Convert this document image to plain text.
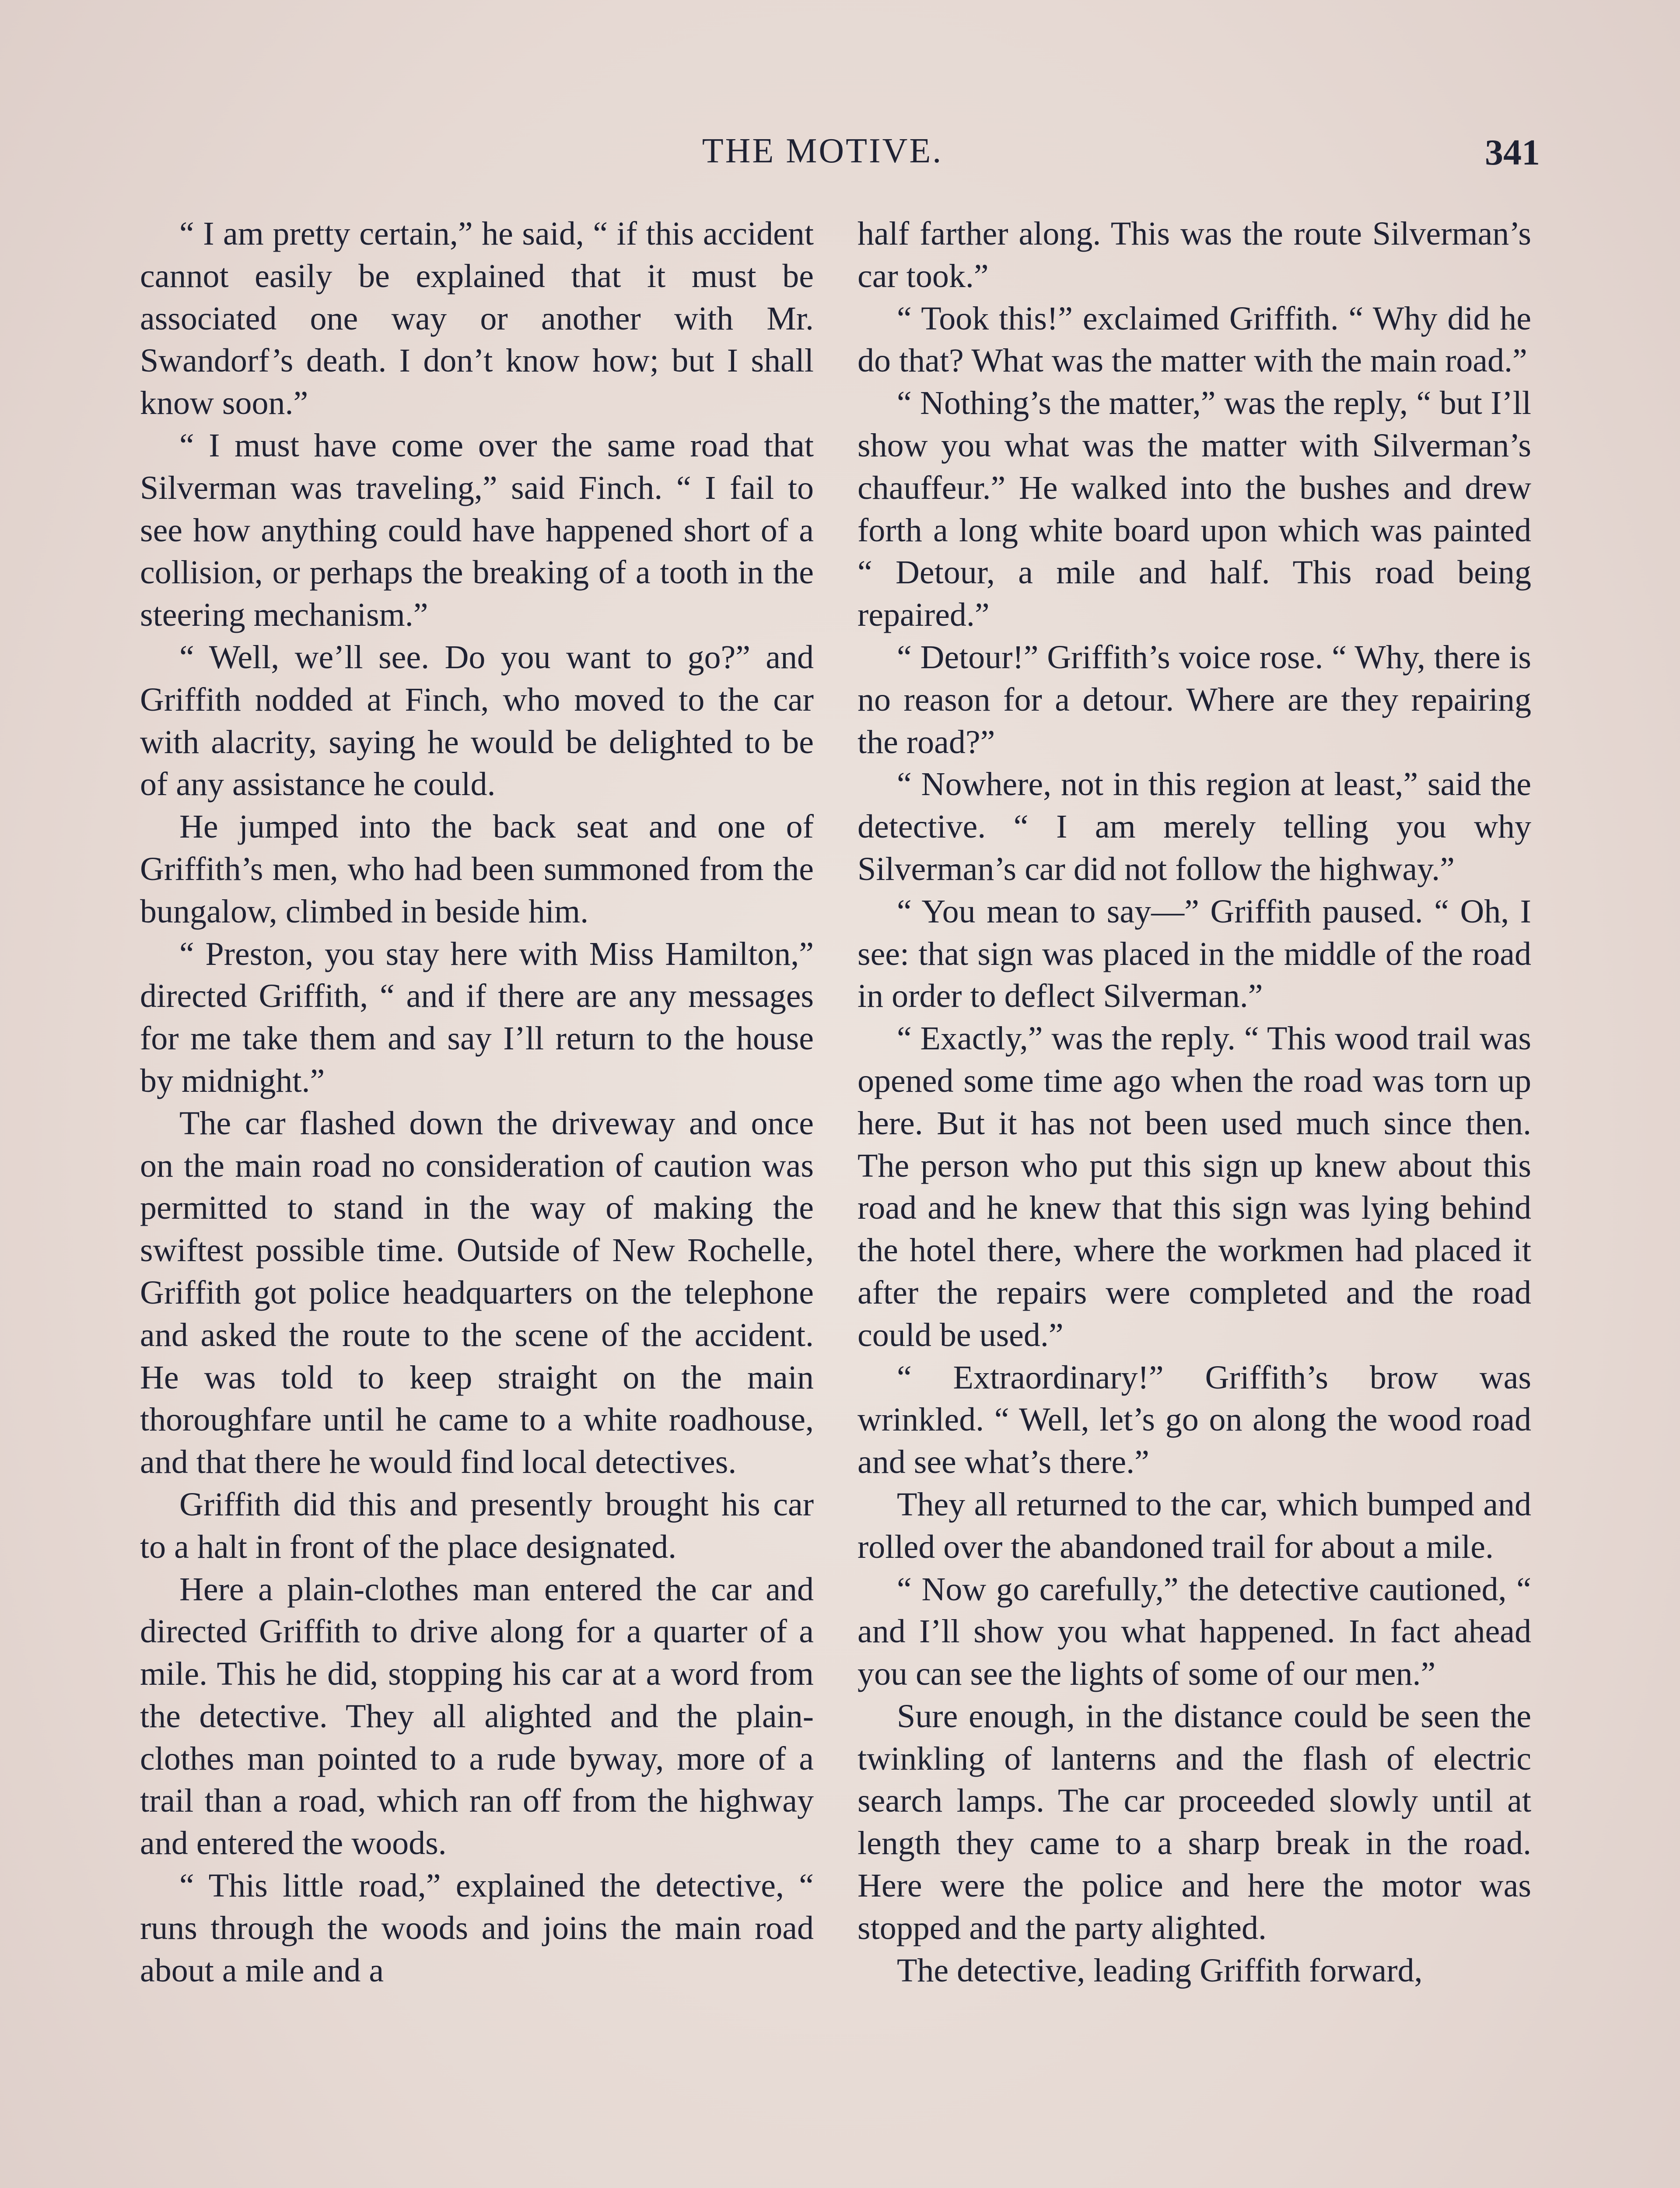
THE MOTIVE.	341

“ I am pretty certain,” he said, “ if this accident cannot easily be explained that it must be associated one way or another with Mr. Swandorf’s death. I don’t know how; but I shall know soon.”

“ I must have come over the same road that Silverman was traveling,” said Finch. “ I fail to see how anything could have happened short of a collision, or perhaps the breaking of a tooth in the steering mechanism.”

“ Well, we’ll see. Do you want to go?” and Griffith nodded at Finch, who moved to the car with alacrity, saying he would be delighted to be of any assistance he could.

He jumped into the back seat and one of Griffith’s men, who had been summoned from the bungalow, climbed in beside him.

“ Preston, you stay here with Miss Hamilton,” directed Griffith, “ and if there are any messages for me take them and say I’ll return to the house by midnight.”

The car flashed down the driveway and once on the main road no consideration of caution was permitted to stand in the way of making the swiftest possible time. Outside of New Rochelle, Griffith got police headquarters on the telephone and asked the route to the scene of the accident. He was told to keep straight on the main thoroughfare until he came to a white roadhouse, and that there he would find local detectives.

Griffith did this and presently brought his car to a halt in front of the place designated.

Here a plain-clothes man entered the car and directed Griffith to drive along for a quarter of a mile. This he did, stopping his car at a word from the detective. They all alighted and the plain-clothes man pointed to a rude byway, more of a trail than a road, which ran off from the highway and entered the woods.

“ This little road,” explained the detective, “ runs through the woods and joins the main road about a mile and a

half farther along. This was the route Silverman’s car took.”

“ Took this!” exclaimed Griffith. “ Why did he do that? What was the matter with the main road.”

“ Nothing’s the matter,” was the reply, “ but I’ll show you what was the matter with Silverman’s chauffeur.” He walked into the bushes and drew forth a long white board upon which was painted “ Detour, a mile and half. This road being repaired.”

“ Detour!” Griffith’s voice rose. “ Why, there is no reason for a detour. Where are they repairing the road?”

“ Nowhere, not in this region at least,” said the detective. “ I am merely telling you why Silverman’s car did not follow the highway.”

“ You mean to say—” Griffith paused. “ Oh, I see: that sign was placed in the middle of the road in order to deflect Silverman.”

“ Exactly,” was the reply. “ This wood trail was opened some time ago when the road was torn up here. But it has not been used much since then. The person who put this sign up knew about this road and he knew that this sign was lying behind the hotel there, where the workmen had placed it after the repairs were completed and the road could be used.”

“ Extraordinary!” Griffith’s brow was wrinkled. “ Well, let’s go on along the wood road and see what’s there.”

They all returned to the car, which bumped and rolled over the abandoned trail for about a mile.

“ Now go carefully,” the detective cautioned, “ and I’ll show you what happened. In fact ahead you can see the lights of some of our men.”

Sure enough, in the distance could be seen the twinkling of lanterns and the flash of electric search lamps. The car proceeded slowly until at length they came to a sharp break in the road. Here were the police and here the motor was stopped and the party alighted.

The detective, leading Griffith forward,
